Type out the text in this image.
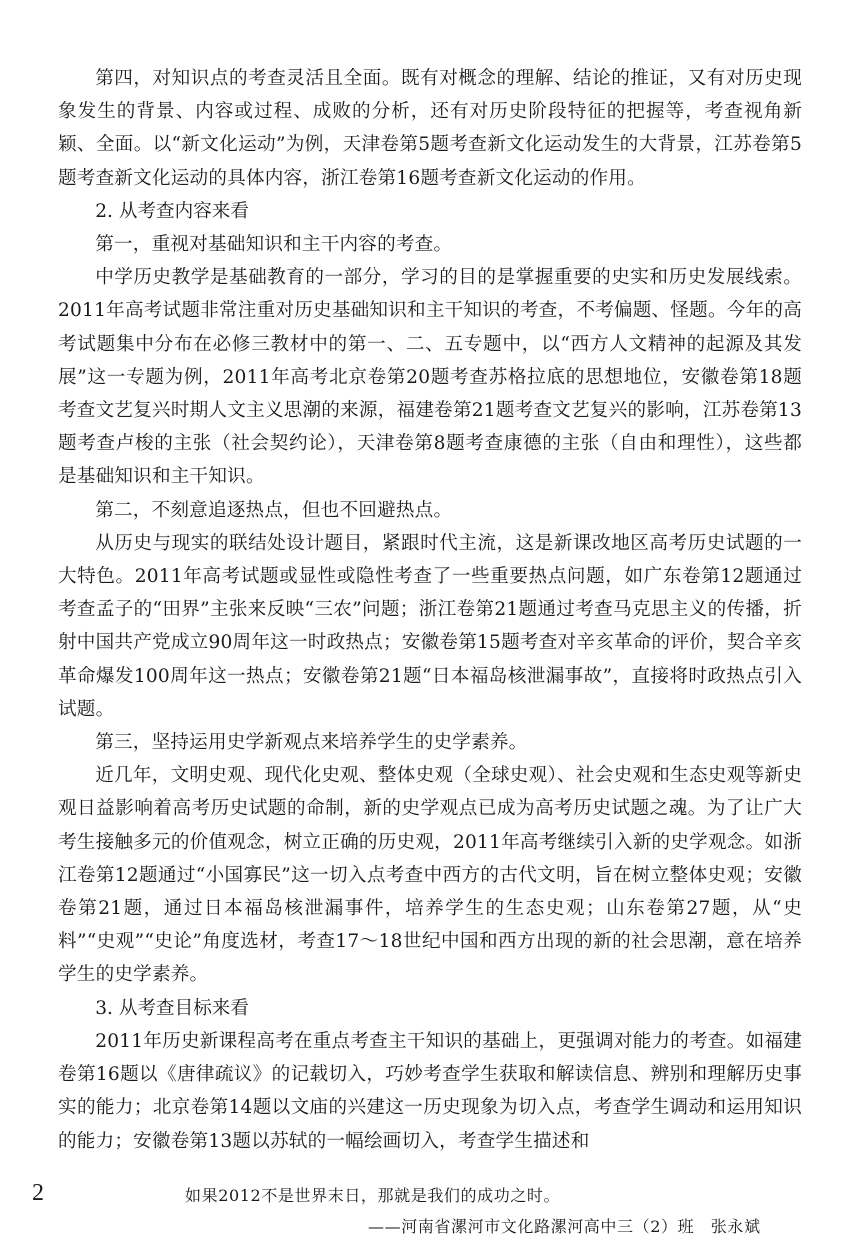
第四，对知识点的考查灵活且全面。既有对概念的理解、结论的推证，又有对历史现象发生的背景、内容或过程、成败的分析，还有对历史阶段特征的把握等，考查视角新颖、全面。以“新文化运动”为例，天津卷第5题考查新文化运动发生的大背景，江苏卷第5题考查新文化运动的具体内容，浙江卷第16题考查新文化运动的作用。

2. 从考查内容来看

第一，重视对基础知识和主干内容的考查。

中学历史教学是基础教育的一部分，学习的目的是掌握重要的史实和历史发展线索。2011年高考试题非常注重对历史基础知识和主干知识的考查，不考偏题、怪题。今年的高考试题集中分布在必修三教材中的第一、二、五专题中，以“西方人文精神的起源及其发展”这一专题为例，2011年高考北京卷第20题考查苏格拉底的思想地位，安徽卷第18题考查文艺复兴时期人文主义思潮的来源，福建卷第21题考查文艺复兴的影响，江苏卷第13题考查卢梭的主张（社会契约论），天津卷第8题考查康德的主张（自由和理性），这些都是基础知识和主干知识。

第二，不刻意追逐热点，但也不回避热点。

从历史与现实的联结处设计题目，紧跟时代主流，这是新课改地区高考历史试题的一大特色。2011年高考试题或显性或隐性考查了一些重要热点问题，如广东卷第12题通过考查孟子的“田界”主张来反映“三农”问题；浙江卷第21题通过考查马克思主义的传播，折射中国共产党成立90周年这一时政热点；安徽卷第15题考查对辛亥革命的评价，契合辛亥革命爆发100周年这一热点；安徽卷第21题“日本福岛核泄漏事故”，直接将时政热点引入试题。

第三，坚持运用史学新观点来培养学生的史学素养。

近几年，文明史观、现代化史观、整体史观（全球史观）、社会史观和生态史观等新史观日益影响着高考历史试题的命制，新的史学观点已成为高考历史试题之魂。为了让广大考生接触多元的价值观念，树立正确的历史观，2011年高考继续引入新的史学观念。如浙江卷第12题通过“小国寡民”这一切入点考查中西方的古代文明，旨在树立整体史观；安徽卷第21题，通过日本福岛核泄漏事件，培养学生的生态史观；山东卷第27题，从“史料”“史观”“史论”角度选材，考查17～18世纪中国和西方出现的新的社会思潮，意在培养学生的史学素养。

3. 从考查目标来看

2011年历史新课程高考在重点考查主干知识的基础上，更强调对能力的考查。如福建卷第16题以《唐律疏议》的记载切入，巧妙考查学生获取和解读信息、辨别和理解历史事实的能力；北京卷第14题以文庙的兴建这一历史现象为切入点，考查学生调动和运用知识的能力；安徽卷第13题以苏轼的一幅绘画切入，考查学生描述和

2	如果2012不是世界末日，那就是我们的成功之时。
——河南省漯河市文化路漯河高中三（2）班　张永斌
